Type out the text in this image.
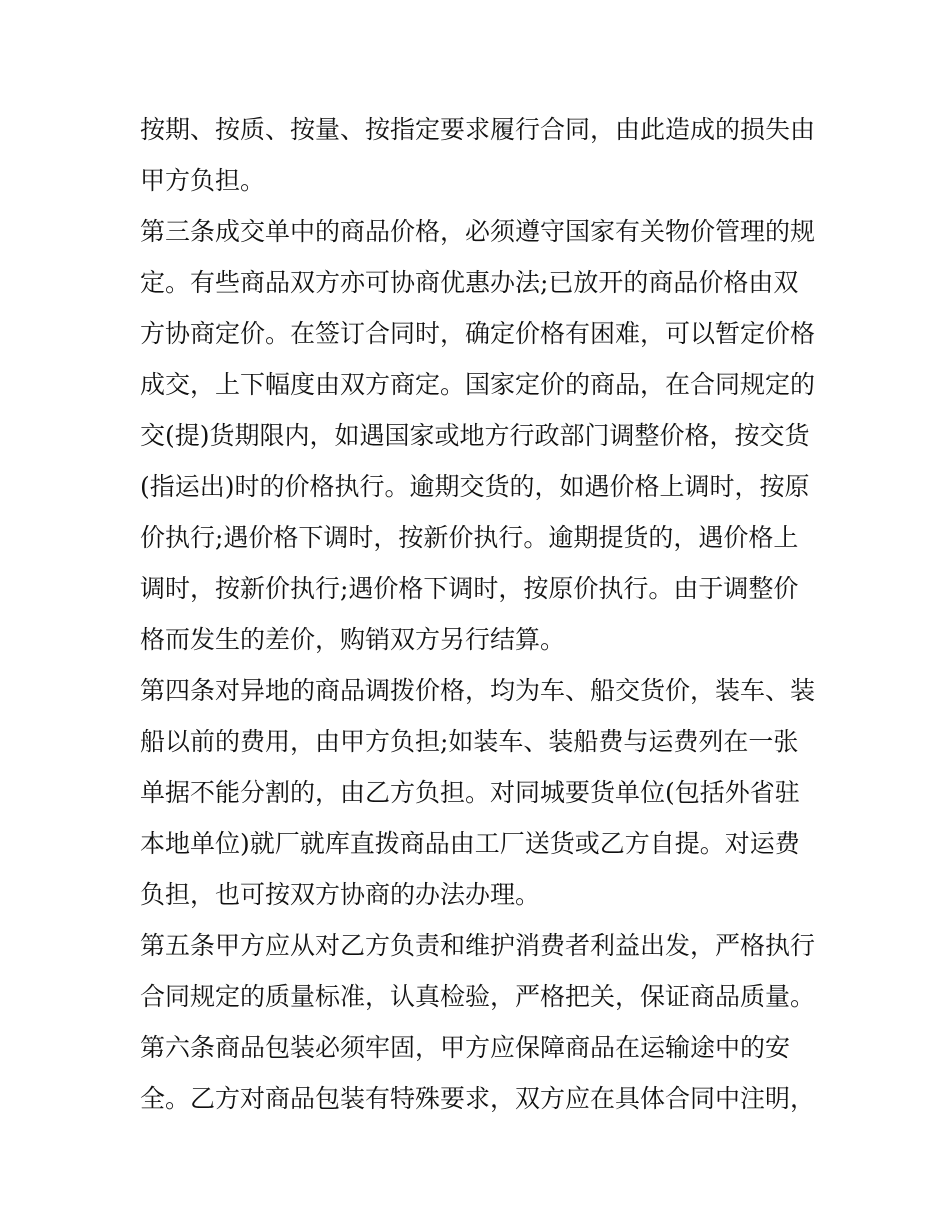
按期、按质、按量、按指定要求履行合同，由此造成的损失由
甲方负担。
第三条成交单中的商品价格，必须遵守国家有关物价管理的规
定。有些商品双方亦可协商优惠办法;已放开的商品价格由双
方协商定价。在签订合同时，确定价格有困难，可以暂定价格
成交，上下幅度由双方商定。国家定价的商品，在合同规定的
交(提)货期限内，如遇国家或地方行政部门调整价格，按交货
(指运出)时的价格执行。逾期交货的，如遇价格上调时，按原
价执行;遇价格下调时，按新价执行。逾期提货的，遇价格上
调时，按新价执行;遇价格下调时，按原价执行。由于调整价
格而发生的差价，购销双方另行结算。
第四条对异地的商品调拨价格，均为车、船交货价，装车、装
船以前的费用，由甲方负担;如装车、装船费与运费列在一张
单据不能分割的，由乙方负担。对同城要货单位(包括外省驻
本地单位)就厂就库直拨商品由工厂送货或乙方自提。对运费
负担，也可按双方协商的办法办理。
第五条甲方应从对乙方负责和维护消费者利益出发，严格执行
合同规定的质量标准，认真检验，严格把关，保证商品质量。
第六条商品包装必须牢固，甲方应保障商品在运输途中的安
全。乙方对商品包装有特殊要求，双方应在具体合同中注明，
